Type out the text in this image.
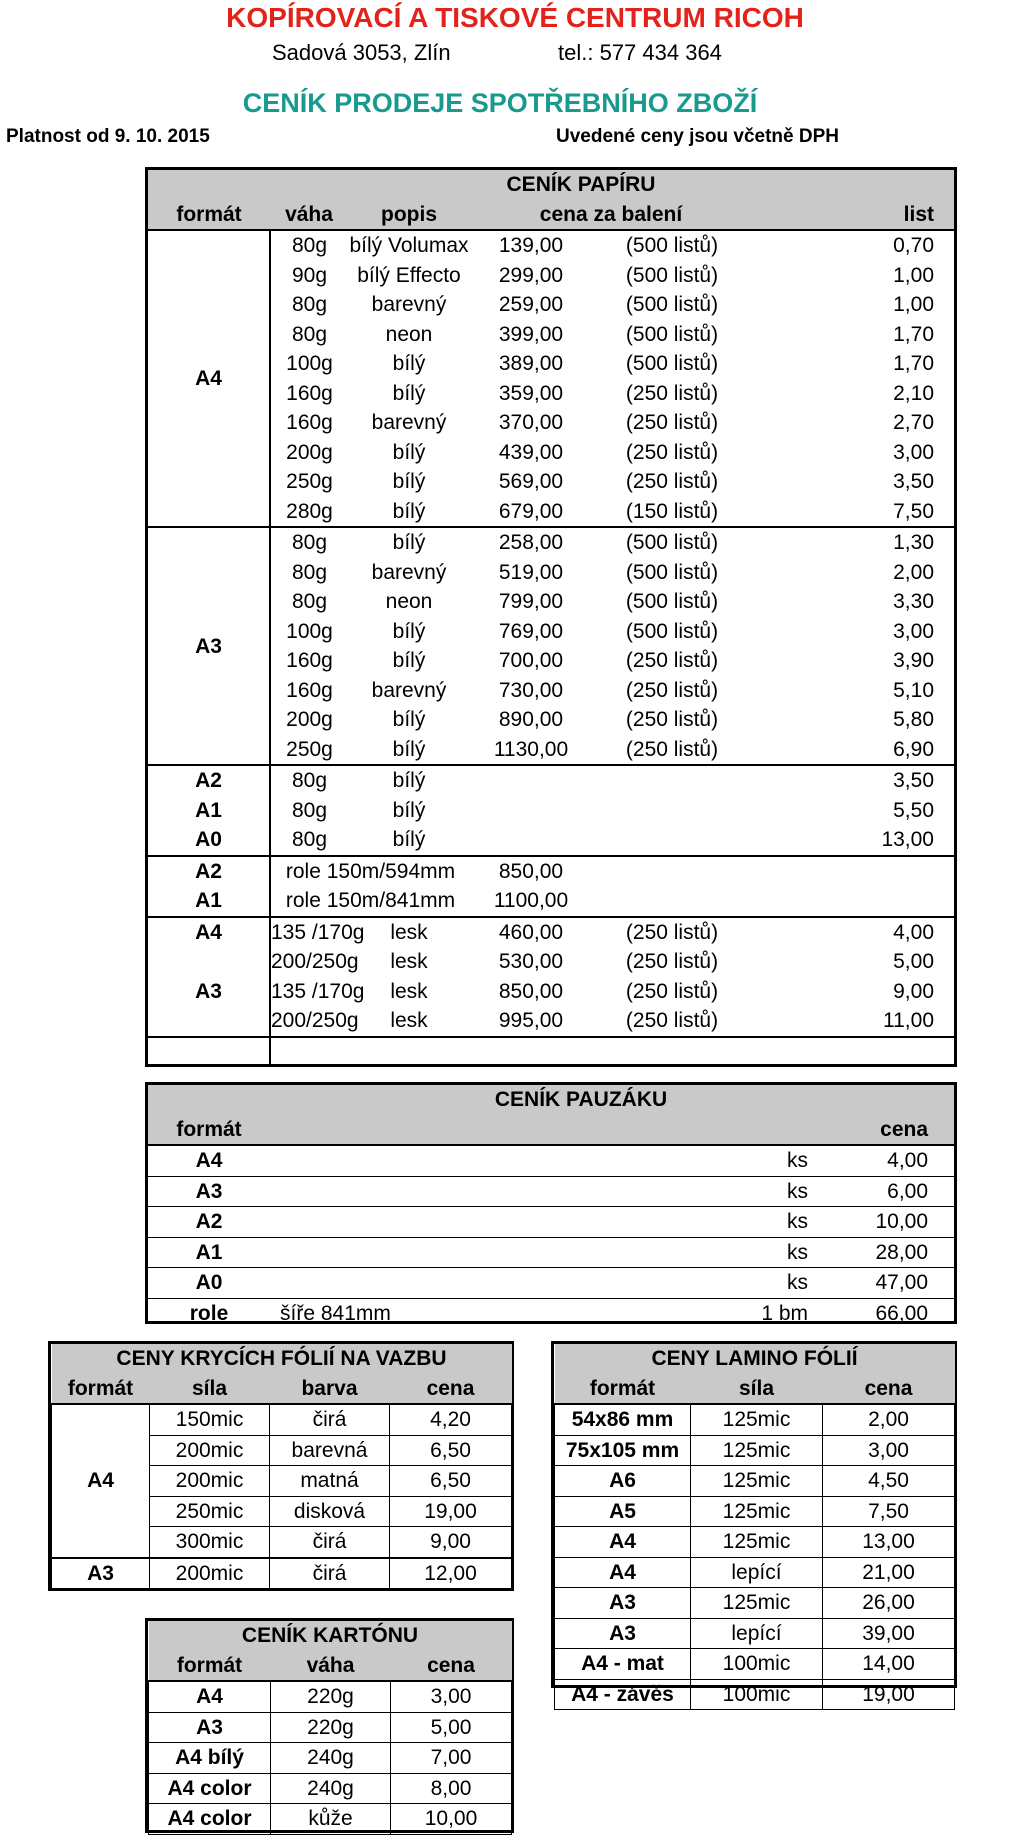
KOPÍROVACÍ A TISKOVÉ CENTRUM RICOH
Sadová 3053, Zlín	tel.: 577 434 364
CENÍK PRODEJE SPOTŘEBNÍHO ZBOŽÍ
Platnost od 9. 10. 2015	Uvedené ceny jsou včetně DPH
CENÍK PAPÍRU					
formát	váha	popis	cena za balení		list
A4	80g	bílý Volumax	139,00	(500 listů)	0,70
	90g	bílý Effecto	299,00	(500 listů)	1,00
	80g	barevný	259,00	(500 listů)	1,00
	80g	neon	399,00	(500 listů)	1,70
	100g	bílý	389,00	(500 listů)	1,70
	160g	bílý	359,00	(250 listů)	2,10
	160g	barevný	370,00	(250 listů)	2,70
	200g	bílý	439,00	(250 listů)	3,00
	250g	bílý	569,00	(250 listů)	3,50
	280g	bílý	679,00	(150 listů)	7,50
A3	80g	bílý	258,00	(500 listů)	1,30
	80g	barevný	519,00	(500 listů)	2,00
	80g	neon	799,00	(500 listů)	3,30
	100g	bílý	769,00	(500 listů)	3,00
	160g	bílý	700,00	(250 listů)	3,90
	160g	barevný	730,00	(250 listů)	5,10
	200g	bílý	890,00	(250 listů)	5,80
	250g	bílý	1130,00	(250 listů)	6,90
A2	80g	bílý			3,50
A1	80g	bílý			5,50
A0	80g	bílý			13,00
A2	role 150m/594mm		850,00		
A1	role 150m/841mm		1100,00		
A4	135 /170g	lesk	460,00	(250 listů)	4,00
	200/250g	lesk	530,00	(250 listů)	5,00
A3	135 /170g	lesk	850,00	(250 listů)	9,00
	200/250g	lesk	995,00	(250 listů)	11,00

CENÍK PAUZÁKU			
formát			cena
A4		ks	4,00
A3		ks	6,00
A2		ks	10,00
A1		ks	28,00
A0		ks	47,00
role	šíře 841mm	1 bm	66,00
CENY KRYCÍCH FÓLIÍ NA VAZBU			
formát	síla	barva	cena
A4	150mic	čirá	4,20
	200mic	barevná	6,50
	200mic	matná	6,50
	250mic	disková	19,00
	300mic	čirá	9,00
A3	200mic	čirá	12,00
CENÍK KARTÓNU		
formát	váha	cena
A4	220g	3,00
A3	220g	5,00
A4 bílý	240g	7,00
A4 color	240g	8,00
A4 color	kůže	10,00
CENY LAMINO FÓLIÍ		
formát	síla	cena
54x86 mm	125mic	2,00
75x105 mm	125mic	3,00
A6	125mic	4,50
A5	125mic	7,50
A4	125mic	13,00
A4	lepící	21,00
A3	125mic	26,00
A3	lepící	39,00
A4 - mat	100mic	14,00
A4 - závěs	100mic	19,00
